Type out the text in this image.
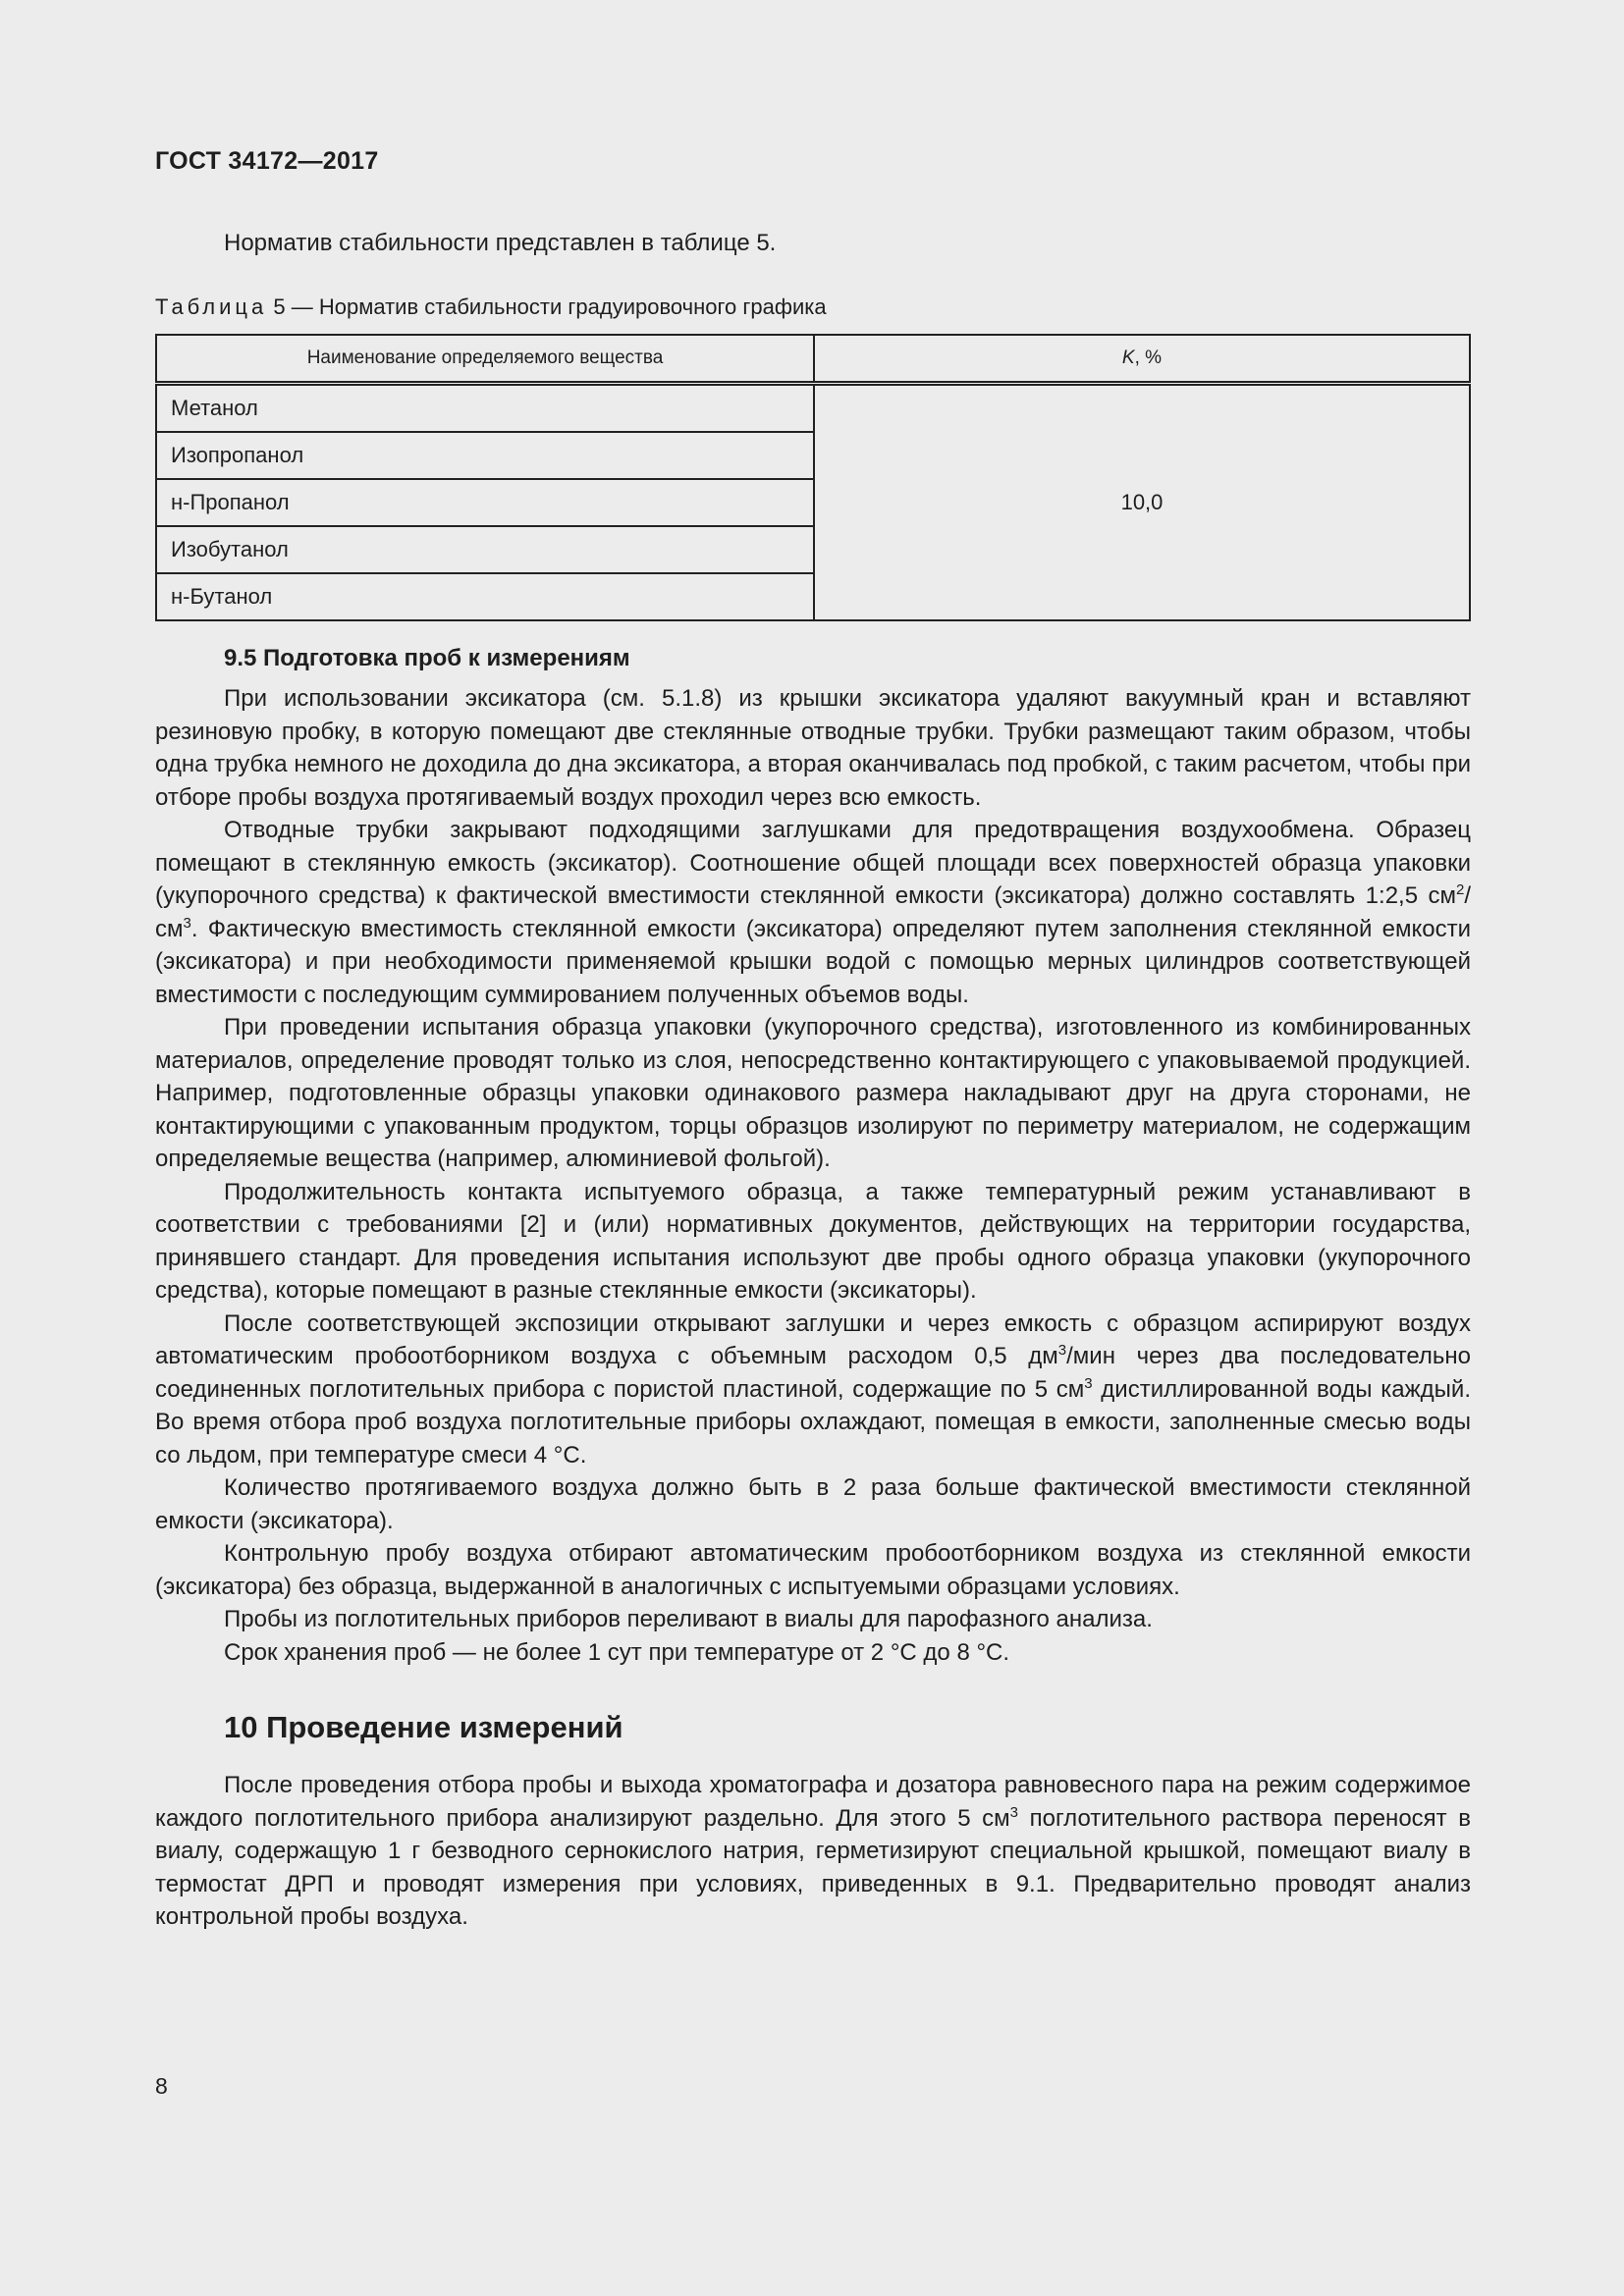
ГОСТ 34172—2017

Норматив стабильности представлен в таблице 5.

Таблица 5 — Норматив стабильности градуировочного графика

Наименование определяемого вещества	K, %
Метанол	10,0
Изопропанол	
н-Пропанол	
Изобутанол	
н-Бутанол	

9.5 Подготовка проб к измерениям

При использовании эксикатора (см. 5.1.8) из крышки эксикатора удаляют вакуумный кран и вставляют резиновую пробку, в которую помещают две стеклянные отводные трубки. Трубки размещают таким образом, чтобы одна трубка немного не доходила до дна эксикатора, а вторая оканчивалась под пробкой, с таким расчетом, чтобы при отборе пробы воздуха протягиваемый воздух проходил через всю емкость.

Отводные трубки закрывают подходящими заглушками для предотвращения воздухообмена. Образец помещают в стеклянную емкость (эксикатор). Соотношение общей площади всех поверхностей образца упаковки (укупорочного средства) к фактической вместимости стеклянной емкости (эксикатора) должно составлять 1:2,5 $см^2/см^3$. Фактическую вместимость стеклянной емкости (эксикатора) определяют путем заполнения стеклянной емкости (эксикатора) и при необходимости применяемой крышки водой с помощью мерных цилиндров соответствующей вместимости с последующим суммированием полученных объемов воды.

При проведении испытания образца упаковки (укупорочного средства), изготовленного из комбинированных материалов, определение проводят только из слоя, непосредственно контактирующего с упаковываемой продукцией. Например, подготовленные образцы упаковки одинакового размера накладывают друг на друга сторонами, не контактирующими с упакованным продуктом, торцы образцов изолируют по периметру материалом, не содержащим определяемые вещества (например, алюминиевой фольгой).

Продолжительность контакта испытуемого образца, а также температурный режим устанавливают в соответствии с требованиями [2] и (или) нормативных документов, действующих на территории государства, принявшего стандарт. Для проведения испытания используют две пробы одного образца упаковки (укупорочного средства), которые помещают в разные стеклянные емкости (эксикаторы).

После соответствующей экспозиции открывают заглушки и через емкость с образцом аспирируют воздух автоматическим пробоотборником воздуха с объемным расходом 0,5 $дм^3$/мин через два последовательно соединенных поглотительных прибора с пористой пластиной, содержащие по 5 $см^3$ дистиллированной воды каждый. Во время отбора проб воздуха поглотительные приборы охлаждают, помещая в емкости, заполненные смесью воды со льдом, при температуре смеси 4 °C.

Количество протягиваемого воздуха должно быть в 2 раза больше фактической вместимости стеклянной емкости (эксикатора).

Контрольную пробу воздуха отбирают автоматическим пробоотборником воздуха из стеклянной емкости (эксикатора) без образца, выдержанной в аналогичных с испытуемыми образцами условиях.

Пробы из поглотительных приборов переливают в виалы для парофазного анализа.

Срок хранения проб — не более 1 сут при температуре от 2 °C до 8 °C.

10 Проведение измерений

После проведения отбора пробы и выхода хроматографа и дозатора равновесного пара на режим содержимое каждого поглотительного прибора анализируют раздельно. Для этого 5 $см^3$ поглотительного раствора переносят в виалу, содержащую 1 г безводного сернокислого натрия, герметизируют специальной крышкой, помещают виалу в термостат ДРП и проводят измерения при условиях, приведенных в 9.1. Предварительно проводят анализ контрольной пробы воздуха.

8
